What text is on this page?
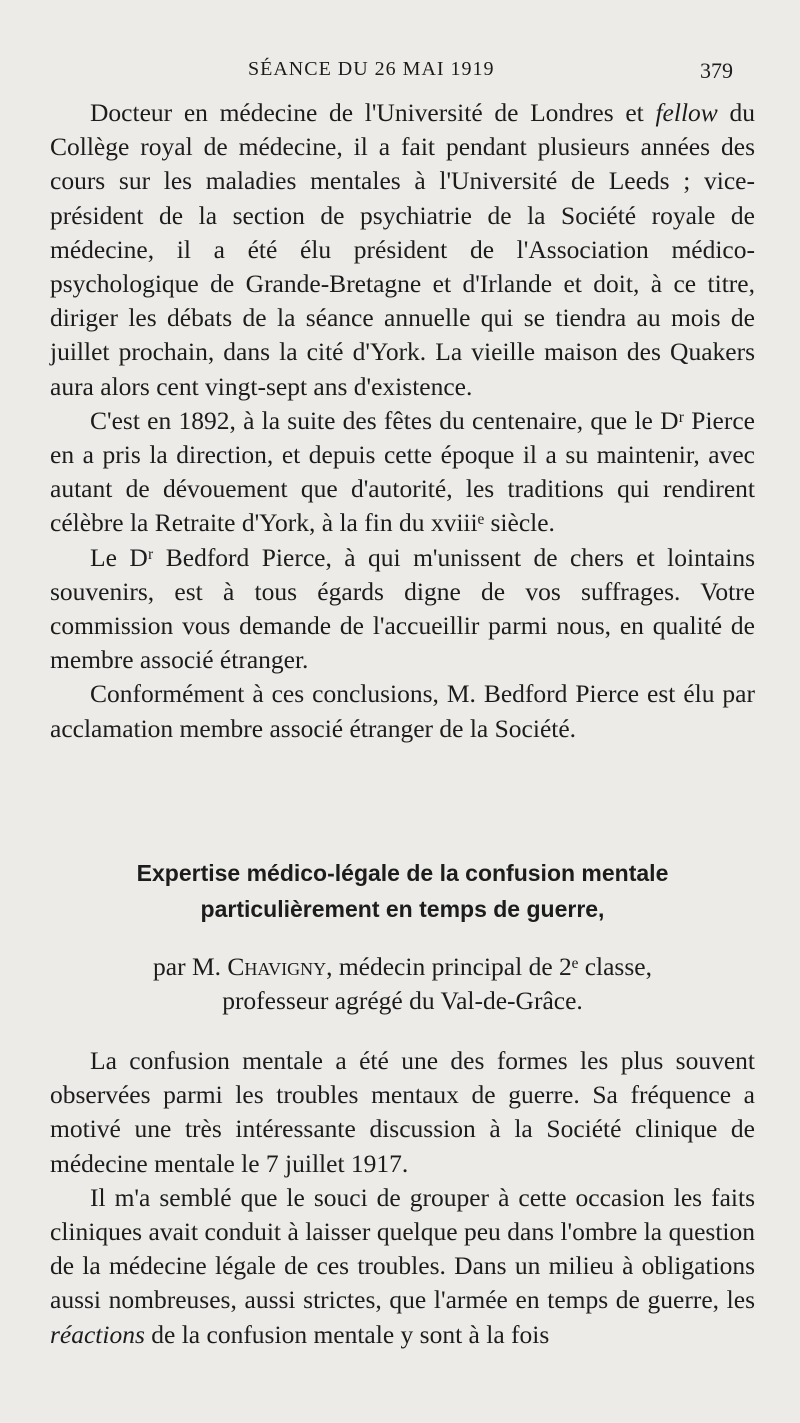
SÉANCE DU 26 MAI 1919	379

Docteur en médecine de l'Université de Londres et fellow du Collège royal de médecine, il a fait pendant plusieurs années des cours sur les maladies mentales à l'Université de Leeds ; vice-président de la section de psychiatrie de la Société royale de médecine, il a été élu président de l'Association médico-psychologique de Grande-Bretagne et d'Irlande et doit, à ce titre, diriger les débats de la séance annuelle qui se tiendra au mois de juillet prochain, dans la cité d'York. La vieille maison des Quakers aura alors cent vingt-sept ans d'existence.

C'est en 1892, à la suite des fêtes du centenaire, que le Dʳ Pierce en a pris la direction, et depuis cette époque il a su maintenir, avec autant de dévouement que d'autorité, les traditions qui rendirent célèbre la Retraite d'York, à la fin du xviiiᵉ siècle.

Le Dʳ Bedford Pierce, à qui m'unissent de chers et lointains souvenirs, est à tous égards digne de vos suffrages. Votre commission vous demande de l'accueillir parmi nous, en qualité de membre associé étranger.

Conformément à ces conclusions, M. Bedford Pierce est élu par acclamation membre associé étranger de la Société.

Expertise médico-légale de la confusion mentale
particulièrement en temps de guerre,
par M. Chavigny, médecin principal de 2ᵉ classe,
professeur agrégé du Val-de-Grâce.

La confusion mentale a été une des formes les plus souvent observées parmi les troubles mentaux de guerre. Sa fréquence a motivé une très intéressante discussion à la Société clinique de médecine mentale le 7 juillet 1917.

Il m'a semblé que le souci de grouper à cette occasion les faits cliniques avait conduit à laisser quelque peu dans l'ombre la question de la médecine légale de ces troubles. Dans un milieu à obligations aussi nombreuses, aussi strictes, que l'armée en temps de guerre, les réactions de la confusion mentale y sont à la fois
